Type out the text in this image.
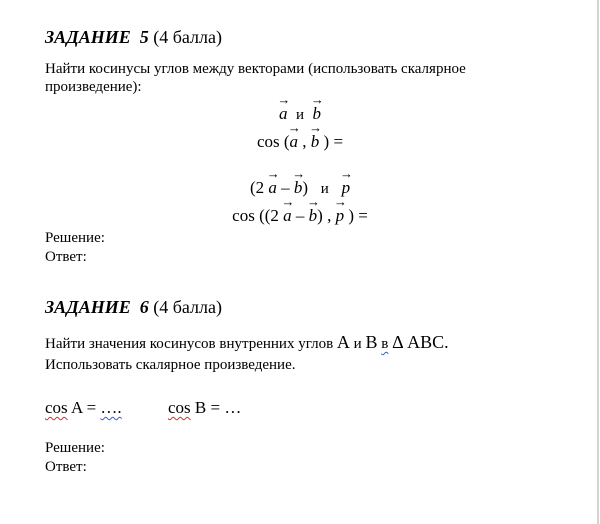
ЗАДАНИЕ 5 (4 балла)
Найти косинусы углов между векторами (использовать скалярное
произведение):
→ a и → b
cos (→ a , → b ) =
(2 → a – → b) и → p
cos ((2 → a – → b) , → p ) =
Решение:
Ответ:
ЗАДАНИЕ 6 (4 балла)
Найти значения косинусов внутренних углов A и B в Δ ABC.
Использовать скалярное произведение.
cos A = ….	cos B = …
Решение:
Ответ:
